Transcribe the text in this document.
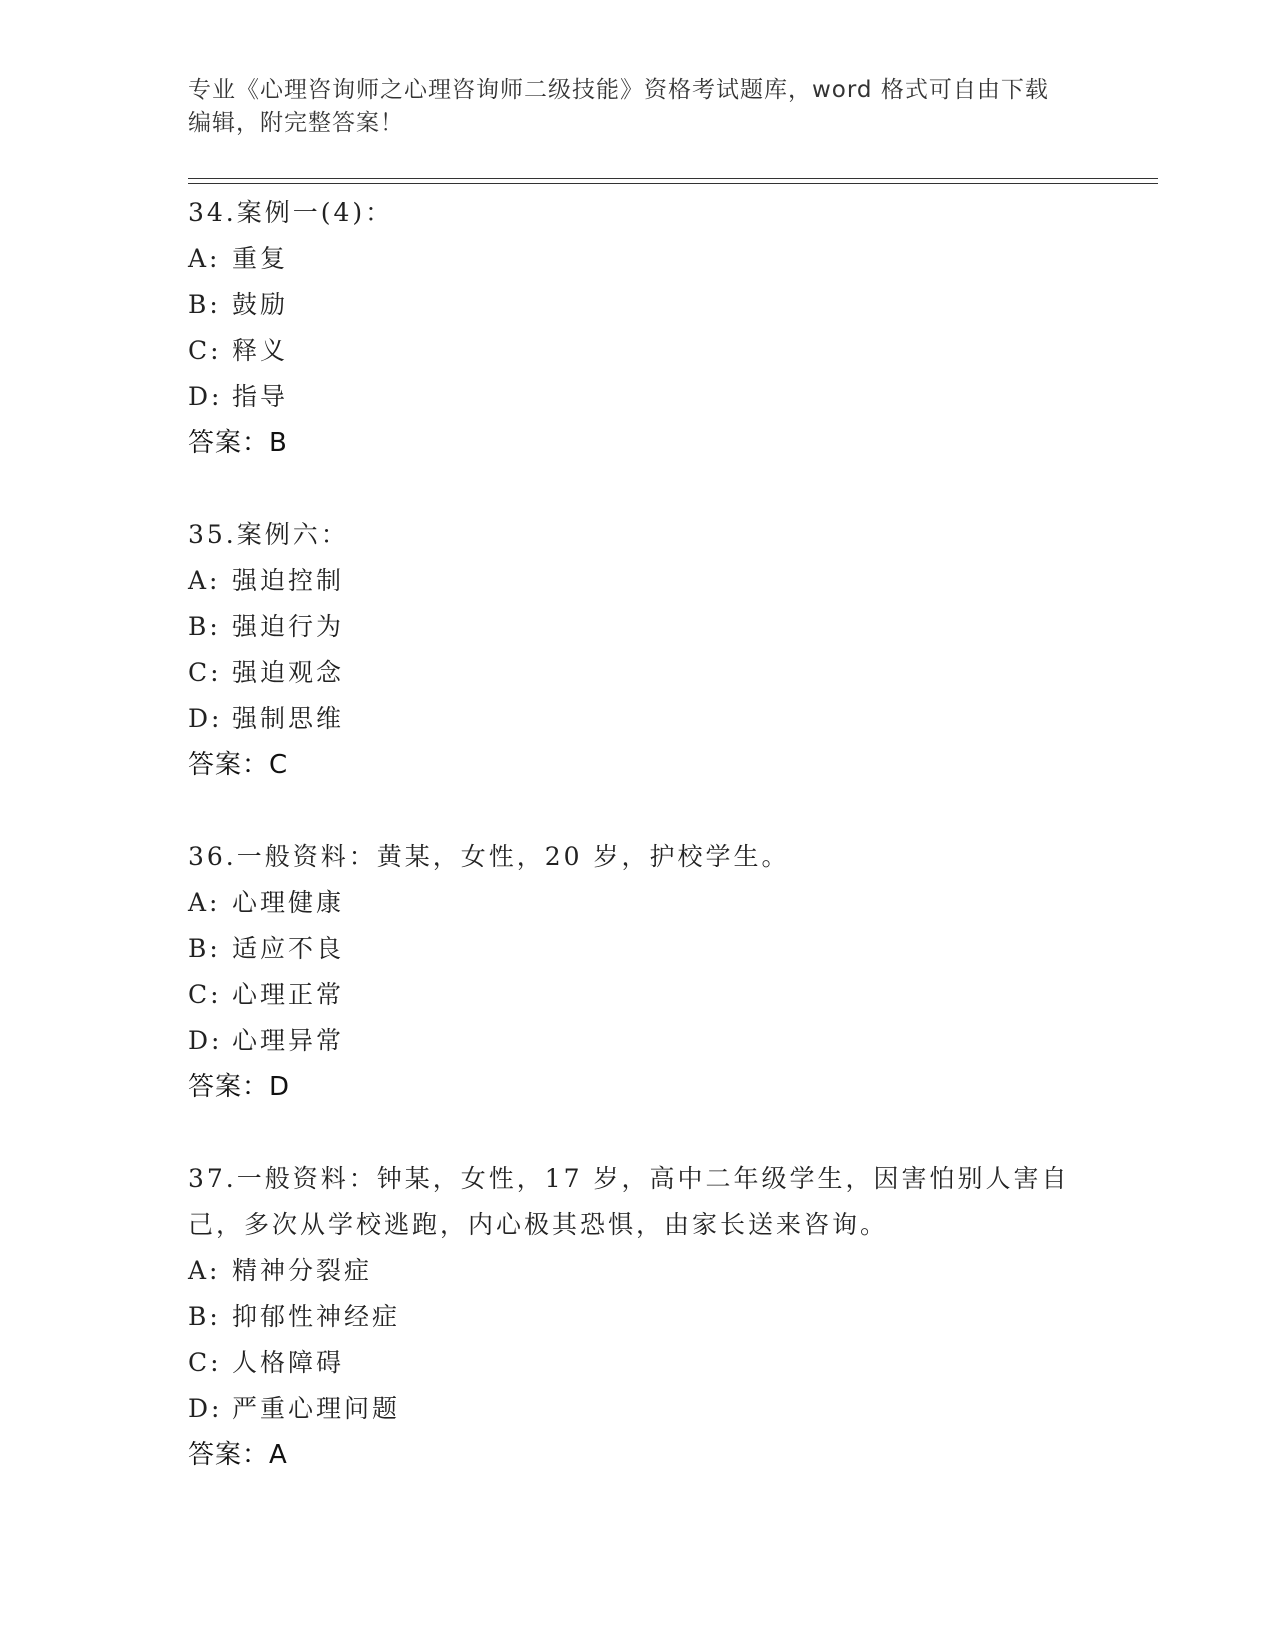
专业《心理咨询师之心理咨询师二级技能》资格考试题库，word 格式可自由下载
编辑，附完整答案！
34.案例一(4)：
A: 重复
B: 鼓励
C: 释义
D: 指导
答案：B
35.案例六：
A: 强迫控制
B: 强迫行为
C: 强迫观念
D: 强制思维
答案：C
36.一般资料：黄某，女性，20 岁，护校学生。
A: 心理健康
B: 适应不良
C: 心理正常
D: 心理异常
答案：D
37.一般资料：钟某，女性，17 岁，高中二年级学生，因害怕别人害自
己，多次从学校逃跑，内心极其恐惧，由家长送来咨询。
A: 精神分裂症
B: 抑郁性神经症
C: 人格障碍
D: 严重心理问题
答案：A
